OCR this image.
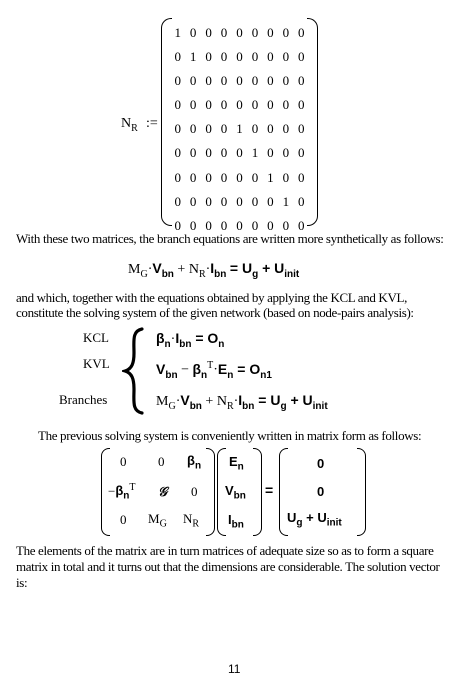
$N_R$ :=
1 0 0 0 0 0 0 0 0
0 1 0 0 0 0 0 0 0
0 0 0 0 0 0 0 0 0
0 0 0 0 0 0 0 0 0
0 0 0 0 1 0 0 0 0
0 0 0 0 0 1 0 0 0
0 0 0 0 0 0 1 0 0
0 0 0 0 0 0 0 1 0
0 0 0 0 0 0 0 0 0
With these two matrices, the branch equations are written more synthetically as follows:
$M_G\cdot V_{bn} + N_R\cdot I_{bn} = U_g + U_{init}$
and which, together with the equations obtained by applying the KCL and KVL,
constitute the solving system of the given network (based on node-pairs analysis):
KCL
KVL
Branches
$\beta_n\cdot I_{bn} = O_n$
$V_{bn} - \beta_n^T\cdot E_n = O_{n1}$
$M_G\cdot V_{bn} + N_R\cdot I_{bn} = U_g + U_{init}$
The previous solving system is conveniently written in matrix form as follows:
0 0 $\beta_n$
$-\beta_n^T$ 𝒢 0
0 $M_G$ $N_R$
$E_n$
$V_{bn}$
$I_{bn}$
=
0
0
$U_g + U_{init}$
The elements of the matrix are in turn matrices of adequate size so as to form a square
matrix in total and it turns out that the dimensions are considerable. The solution vector
is:
11
